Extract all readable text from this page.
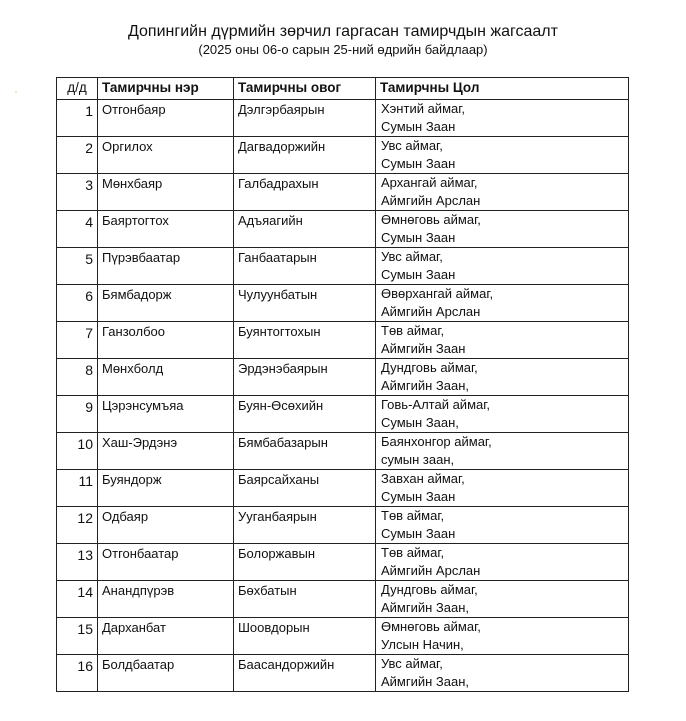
Допингийн дүрмийн зөрчил гаргасан тамирчдын жагсаалт
(2025 оны 06-о сарын 25-ний өдрийн байдлаар)
д/д	Тамирчны нэр	Тамирчны овог	Тамирчны Цол
1	Отгонбаяр	Дэлгэрбаярын	Хэнтий аймаг,
Сумын Заан

2	Оргилох	Дагвадоржийн	Увс аймаг,
Сумын Заан

3	Мөнхбаяр	Галбадрахын	Архангай аймаг,
Аймгийн Арслан

4	Баяртогтох	Адъяагийн	Өмнөговь аймаг,
Сумын Заан

5	Пүрэвбаатар	Ганбаатарын	Увс аймаг,
Сумын Заан

6	Бямбадорж	Чулуунбатын	Өвөрхангай аймаг,
Аймгийн Арслан

7	Ганзолбоо	Буянтогтохын	Төв аймаг,
Аймгийн Заан

8	Мөнхболд	Эрдэнэбаярын	Дундговь аймаг,
Аймгийн Заан,

9	Цэрэнсумъяа	Буян-Өсөхийн	Говь-Алтай аймаг,
Сумын Заан,

10	Хаш-Эрдэнэ	Бямбабазарын	Баянхонгор аймаг,
сумын заан,

11	Буяндорж	Баярсайханы	Завхан аймаг,
Сумын Заан

12	Одбаяр	Ууганбаярын	Төв аймаг,
Сумын Заан

13	Отгонбаатар	Болоржавын	Төв аймаг,
Аймгийн Арслан

14	Анандпүрэв	Бөхбатын	Дундговь аймаг,
Аймгийн Заан,

15	Дарханбат	Шоовдорын	Өмнөговь аймаг,
Улсын Начин,

16	Болдбаатар	Баасандоржийн	Увс аймаг,
Аймгийн Заан,
